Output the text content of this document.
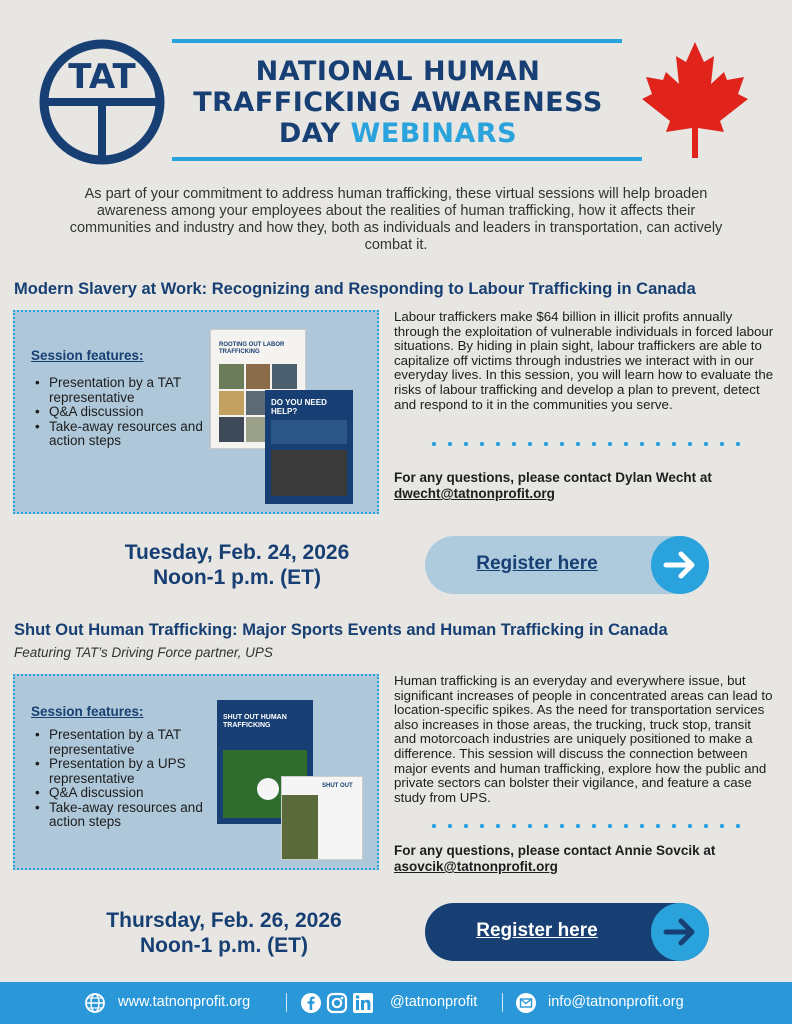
TAT	NATIONAL HUMAN
TRAFFICKING AWARENESS
DAY WEBINARS

As part of your commitment to address human trafficking, these virtual sessions will help broaden awareness among your employees about the realities of human trafficking, how it affects their communities and industry and how they, both as individuals and leaders in transportation, can actively combat it.

Modern Slavery at Work: Recognizing and Responding to Labour Trafficking in Canada
Session features:
• Presentation by a TAT representative
• Q&A discussion
• Take-away resources and action steps
ROOTING OUT LABOR TRAFFICKING
DO YOU NEED HELP?
Labour traffickers make $64 billion in illicit profits annually through the exploitation of vulnerable individuals in forced labour situations. By hiding in plain sight, labour traffickers are able to capitalize off victims through industries we interact with in our everyday lives. In this session, you will learn how to evaluate the risks of labour trafficking and develop a plan to prevent, detect and respond to it in the communities you serve.
For any questions, please contact Dylan Wecht at
dwecht@tatnonprofit.org
Tuesday, Feb. 24, 2026
Noon-1 p.m. (ET)
Register here
Shut Out Human Trafficking: Major Sports Events and Human Trafficking in Canada
Featuring TAT’s Driving Force partner, UPS
Session features:
• Presentation by a TAT representative
• Presentation by a UPS representative
• Q&A discussion
• Take-away resources and action steps
SHUT OUT HUMAN TRAFFICKING
SHUT OUT
Human trafficking is an everyday and everywhere issue, but significant increases of people in concentrated areas can lead to location-specific spikes. As the need for transportation services also increases in those areas, the trucking, truck stop, transit and motorcoach industries are uniquely positioned to make a difference. This session will discuss the connection between major events and human trafficking, explore how the public and private sectors can bolster their vigilance, and feature a case study from UPS.
For any questions, please contact Annie Sovcik at
asovcik@tatnonprofit.org
Thursday, Feb. 26, 2026
Noon-1 p.m. (ET)
Register here
www.tatnonprofit.org	@tatnonprofit	info@tatnonprofit.org
